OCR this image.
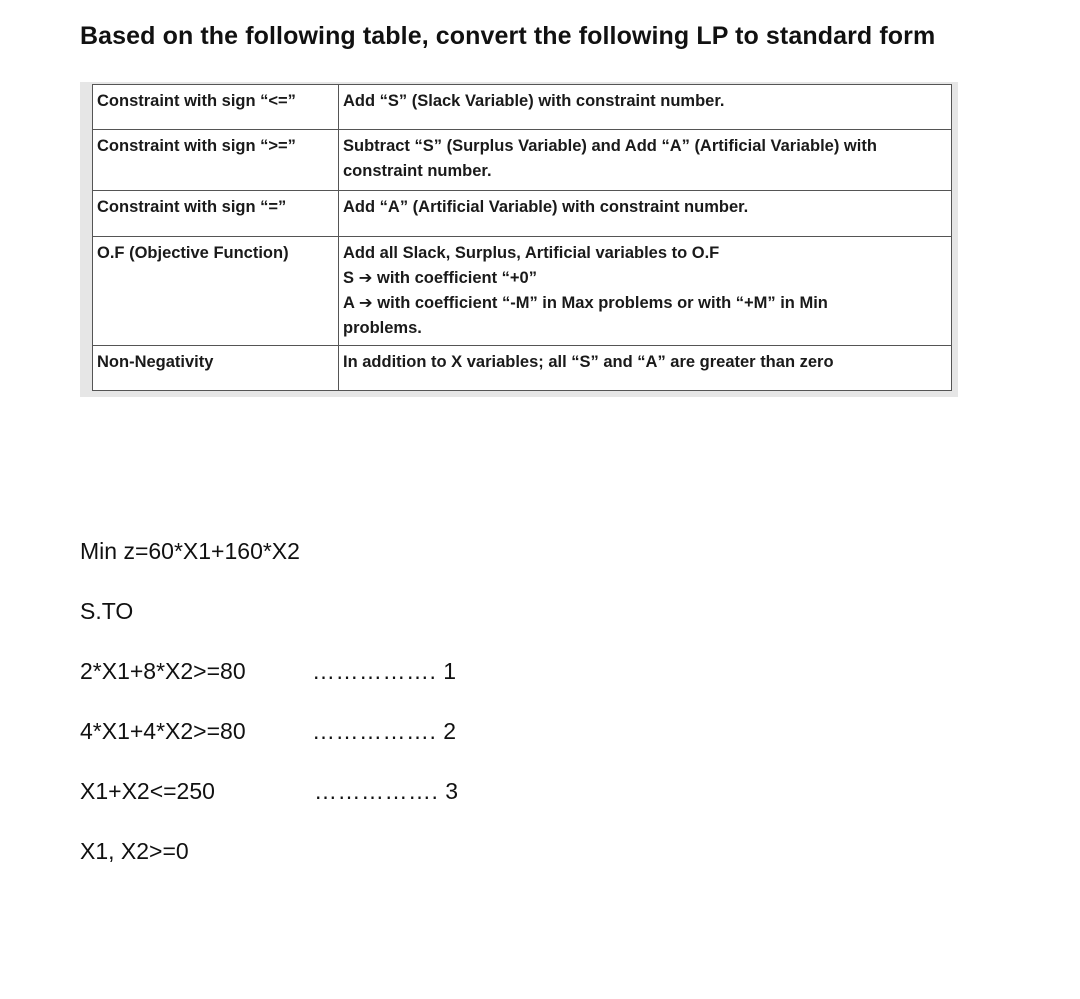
Based on the following table, convert the following LP to standard form
Constraint with sign “<=”	Add “S” (Slack Variable) with constraint number.

Constraint with sign “>=”	Subtract “S” (Surplus Variable) and Add “A” (Artificial Variable) with
constraint number.

Constraint with sign “=”	Add “A” (Artificial Variable) with constraint number.

O.F (Objective Function)	Add all Slack, Surplus, Artificial variables to O.F
S ➔ with coefficient “+0”
A ➔ with coefficient “-M” in Max problems or with “+M” in Min
problems.

Non-Negativity	In addition to X variables; all “S” and “A” are greater than zero
Min z=60*X1+160*X2
S.TO
2*X1+8*X2>=80	……………. 1
4*X1+4*X2>=80	……………. 2
X1+X2<=250	……………. 3
X1, X2>=0
